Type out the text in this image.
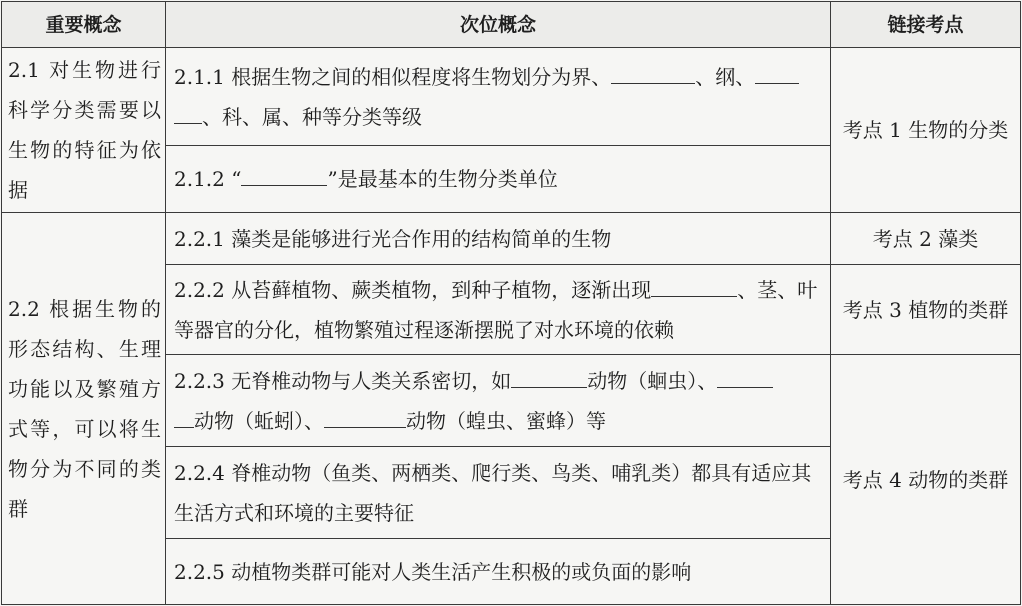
重要概念	次位概念	链接考点
2.1 对生物进行科学分类需要以生物的特征为依据	2.1.1 根据生物之间的相似程度将生物划分为界、 、纲、
、科、属、种等分类等级	考点 1 生物的分类
	2.1.2 “ ”是最基本的生物分类单位	
2.2 根据生物的形态结构、生理功能以及繁殖方式等，可以将生物分为不同的类群	2.2.1 藻类是能够进行光合作用的结构简单的生物	考点 2 藻类
	2.2.2 从苔藓植物、蕨类植物，到种子植物，逐渐出现 、茎、叶等器官的分化，植物繁殖过程逐渐摆脱了对水环境的依赖	考点 3 植物的类群
	2.2.3 无脊椎动物与人类关系密切，如 动物（蛔虫）、
动物（蚯蚓）、 动物（蝗虫、蜜蜂）等	考点 4 动物的类群
	2.2.4 脊椎动物（鱼类、两栖类、爬行类、鸟类、哺乳类）都具有适应其生活方式和环境的主要特征	
	2.2.5 动植物类群可能对人类生活产生积极的或负面的影响	
